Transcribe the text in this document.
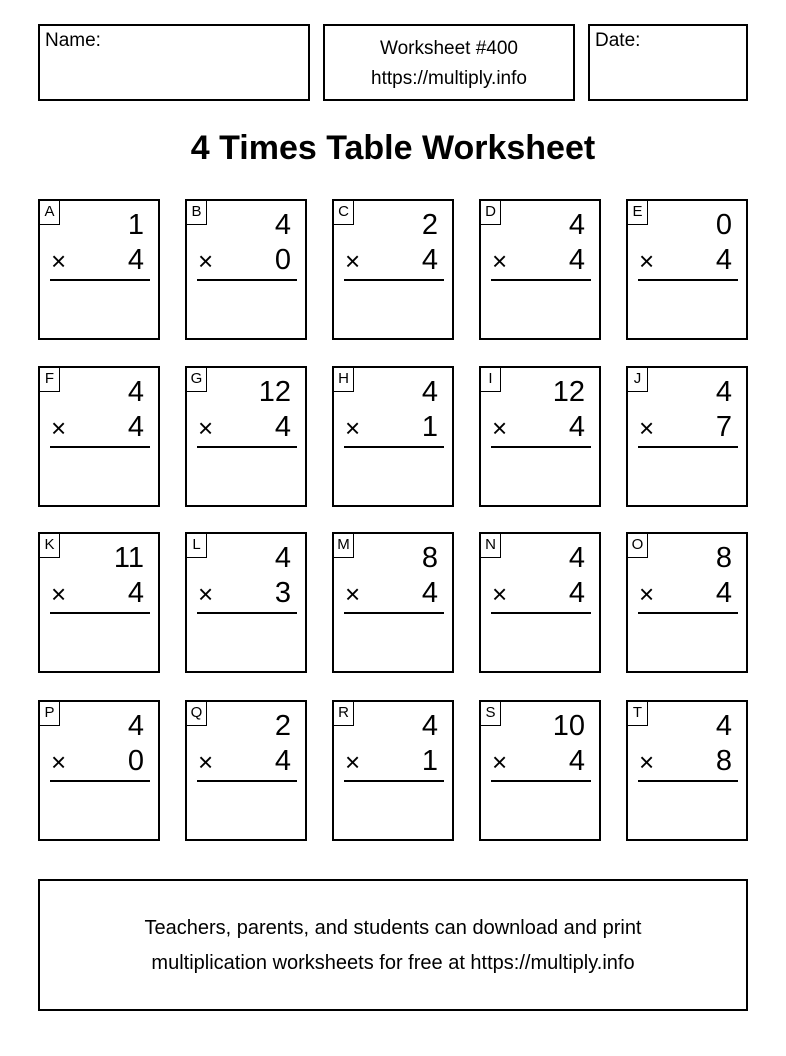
Name:	Worksheet #400
https://multiply.info
Date:
4 Times Table Worksheet
A	1
× 4
B	4
× 0
C	2
× 4
D	4
× 4
E	0
× 4
F	4
× 4
G 12
× 4
H	4
× 1
I 12
× 4
J	4
× 7
K 11
× 4
L	4
× 3
M 8
× 4
N	4
× 4
O	8
× 4
P	4
× 0
Q	2
× 4
R	4
× 1
S 10
× 4
T	4
× 8
Teachers, parents, and students can download and print
multiplication worksheets for free at https://multiply.info
